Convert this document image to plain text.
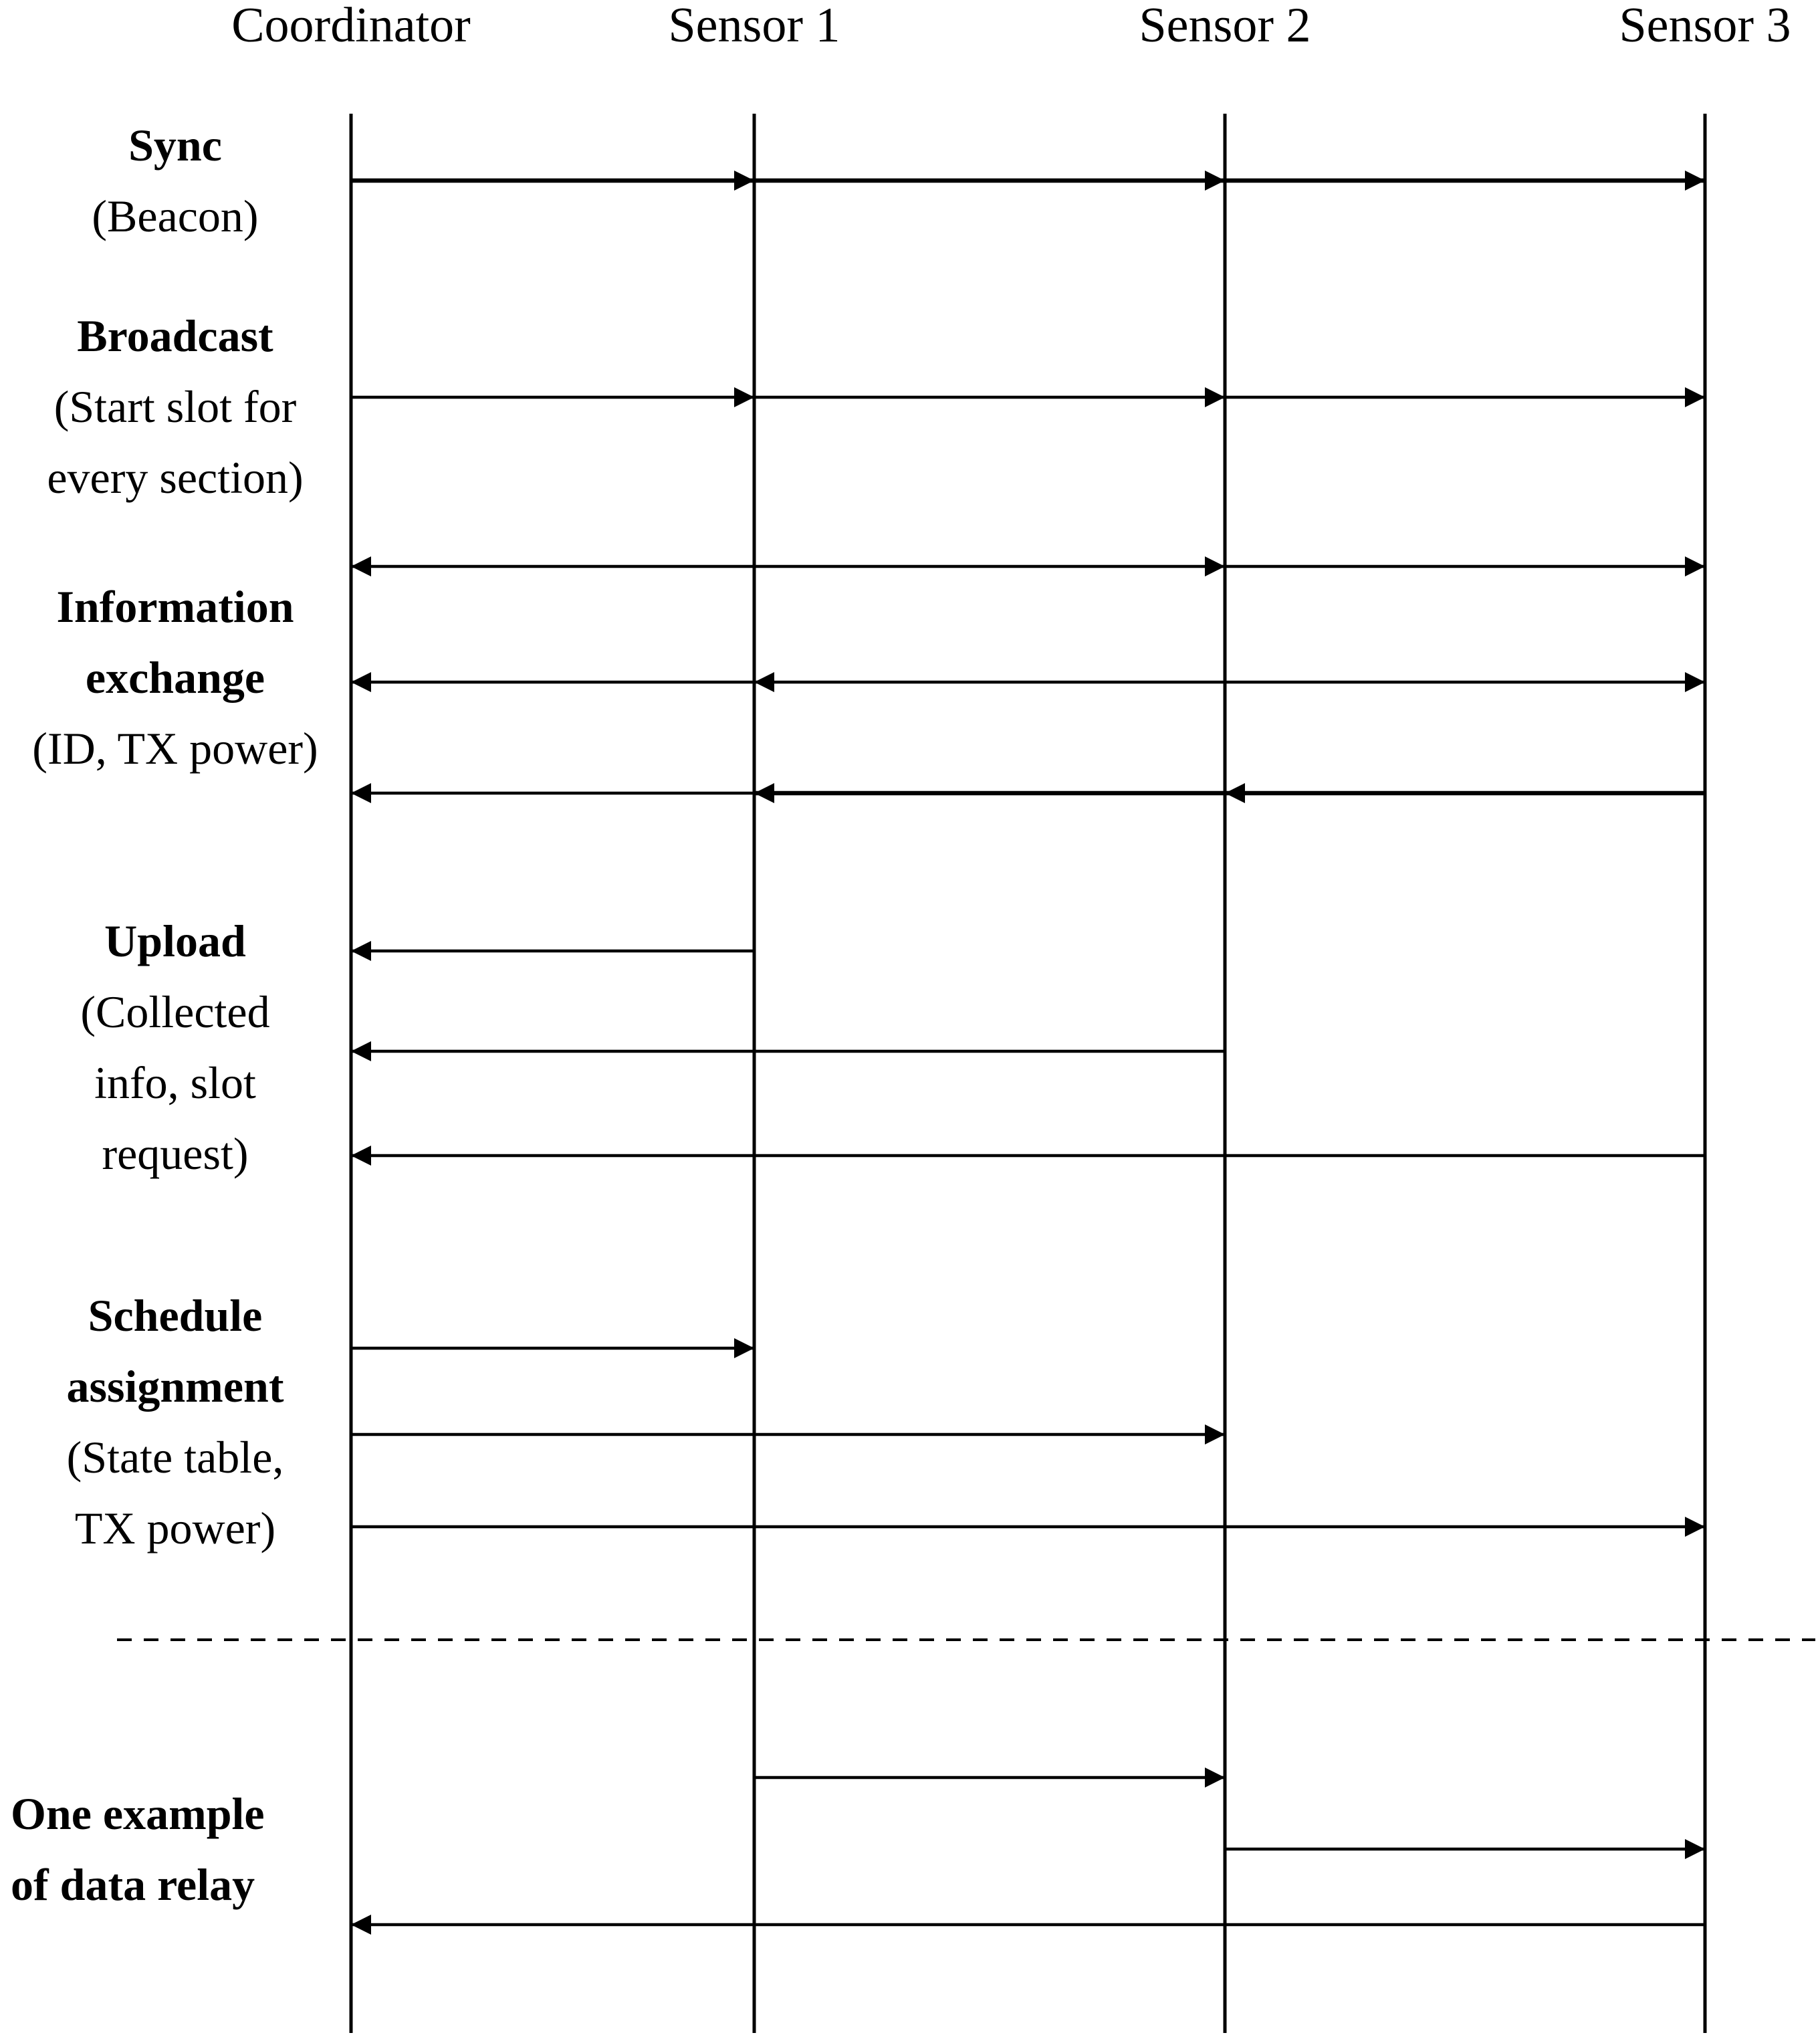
Coordinator	Sensor 1	Sensor 2	Sensor 3
Sync
(Beacon)
Broadcast
(Start slot for
every section)
Information
exchange
(ID, TX power)
Upload
(Collected
info, slot
request)
Schedule
assignment
(State table,
TX power)
One example
of data relay
